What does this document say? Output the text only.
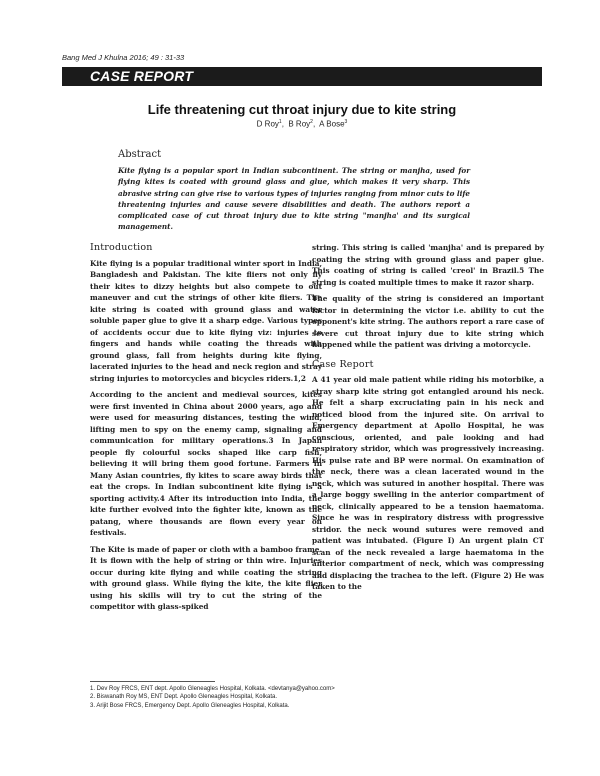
Bang Med J Khulna 2016; 49 : 31-33
CASE REPORT
Life threatening cut throat injury due to kite string
D Roy$^1$,  B Roy$^2$,  A Bose$^3$
Abstract
Kite flying is a popular sport in Indian subcontinent. The string or manjha, used for flying kites is coated with ground glass and glue, which makes it very sharp. This abrasive string can give rise to various types of injuries ranging from minor cuts to life threatening injuries and cause severe disabilities and death. The authors report a complicated case of cut throat injury due to kite string "manjha' and its surgical management.
Introduction

Kite flying is a popular traditional winter sport in India, Bangladesh and Pakistan. The kite fliers not only fly their kites to dizzy heights but also compete to out maneuver and cut the strings of other kite fliers. The kite string is coated with ground glass and water soluble paper glue to give it a sharp edge. Various types of accidents occur due to kite flying viz: injuries to fingers and hands while coating the threads with ground glass, fall from heights during kite flying, lacerated injuries to the head and neck region and stray string injuries to motorcycles and bicycles riders.1,2

According to the ancient and medieval sources, kites were first invented in China about 2000 years, ago and were used for measuring distances, testing the wind, lifting men to spy on the enemy camp, signaling and communication for military operations.3 In Japan people fly colourful socks shaped like carp fish, believing it will bring them good fortune. Farmers in Many Asian countries, fly kites to scare away birds that eat the crops. In Indian subcontinent kite flying is a sporting activity.4 After its introduction into India, the kite further evolved into the fighter kite, known as the patang, where thousands are flown every year on festivals.

The Kite is made of paper or cloth with a bamboo frame. It is flown with the help of string or thin wire. Injuries occur during kite flying and while coating the string with ground glass. While flying the kite, the kite flier using his skills will try to cut the string of the competitor with glass-spiked

string. This string is called 'manjha' and is prepared by coating the string with ground glass and paper glue. This coating of string is called 'creol' in Brazil.5 The string is coated multiple times to make it razor sharp.

The quality of the string is considered an important factor in determining the victor i.e. ability to cut the opponent's kite string. The authors report a rare case of severe cut throat injury due to kite string which happened while the patient was driving a motorcycle.

Case Report

A 41 year old male patient while riding his motorbike, a stray sharp kite string got entangled around his neck. He felt a sharp excruciating pain in his neck and noticed blood from the injured site. On arrival to Emergency department at Apollo Hospital, he was conscious, oriented, and pale looking and had respiratory stridor, which was progressively increasing. His pulse rate and BP were normal. On examination of the neck, there was a clean lacerated wound in the neck, which was sutured in another hospital. There was a large boggy swelling in the anterior compartment of neck, clinically appeared to be a tension haematoma. Since he was in respiratory distress with progressive stridor. the neck wound sutures were removed and patient was intubated. (Figure I) An urgent plain CT scan of the neck revealed a large haematoma in the anterior compartment of neck, which was compressing and displacing the trachea to the left. (Figure 2) He was taken to the

1. Dev Roy FRCS, ENT dept. Apollo Gleneagles Hospital, Kolkata. <devtanya@yahoo.com>
2. Biswanath Roy MS, ENT Dept. Apollo Gleneagles Hospital, Kolkata.
3. Arijit Bose FRCS, Emergency Dept. Apollo Gleneagles Hospital, Kolkata.
